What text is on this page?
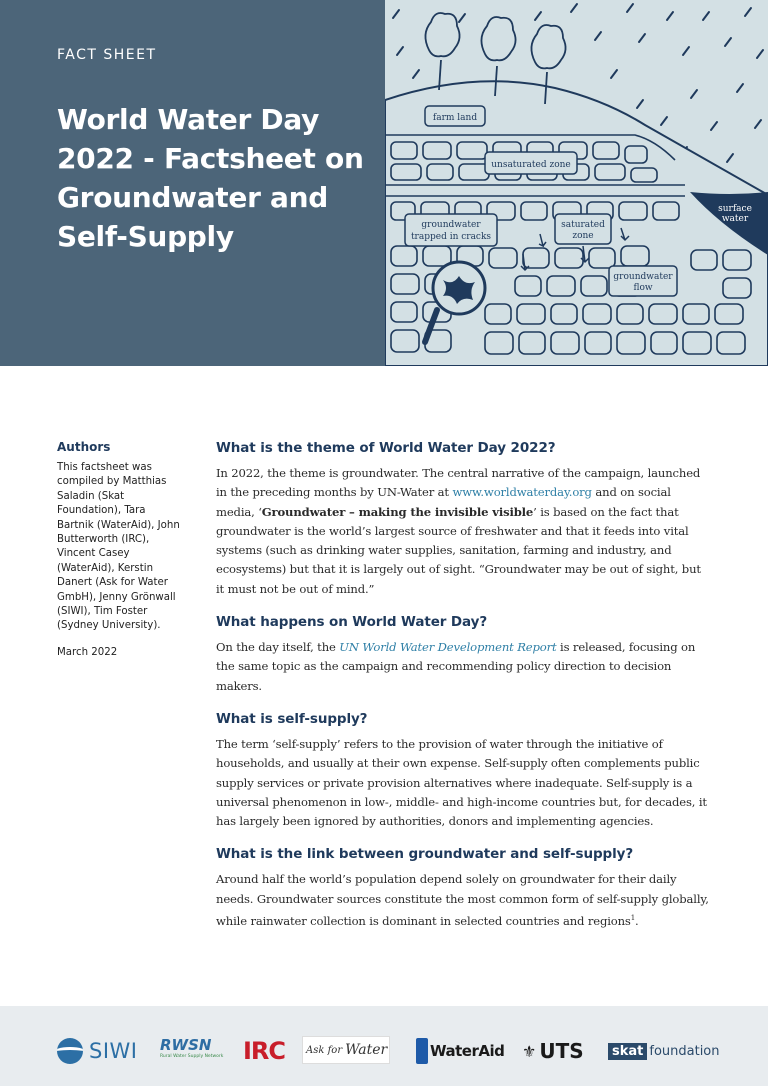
FACT SHEET
World Water Day 2022 - Factsheet on Groundwater and Self-Supply
farm land
unsaturated zone
groundwater
trapped in cracks
saturated
zone
groundwater
flow
surface
water
Authors

This factsheet was compiled by Matthias Saladin (Skat Foundation), Tara Bartnik (WaterAid), John Butterworth (IRC), Vincent Casey (WaterAid), Kerstin Danert (Ask for Water GmbH), Jenny Grönwall (SIWI), Tim Foster (Sydney University).

March 2022

What is the theme of World Water Day 2022?

In 2022, the theme is groundwater. The central narrative of the campaign, launched in the preceding months by UN-Water at www.worldwaterday.org and on social media, ‘Groundwater – making the invisible visible’ is based on the fact that groundwater is the world’s largest source of freshwater and that it feeds into vital systems (such as drinking water supplies, sanitation, farming and industry, and ecosystems) but that it is largely out of sight. “Groundwater may be out of sight, but it must not be out of mind.”

What happens on World Water Day?

On the day itself, the UN World Water Development Report is released, focusing on the same topic as the campaign and recommending policy direction to decision makers.

What is self-supply?

The term ‘self-supply’ refers to the provision of water through the initiative of households, and usually at their own expense. Self-supply often complements public supply services or private provision alternatives where inadequate. Self-supply is a universal phenomenon in low-, middle- and high-income countries but, for decades, it has largely been ignored by authorities, donors and implementing agencies.

What is the link between groundwater and self-supply?

Around half the world’s population depend solely on groundwater for their daily needs. Groundwater sources constitute the most common form of self-supply globally, while rainwater collection is dominant in selected countries and regions$^1$.

SIWI RWSN
Rural Water Supply Network IRC Ask for Water	WaterAid ⚜ UTS	skat foundation
